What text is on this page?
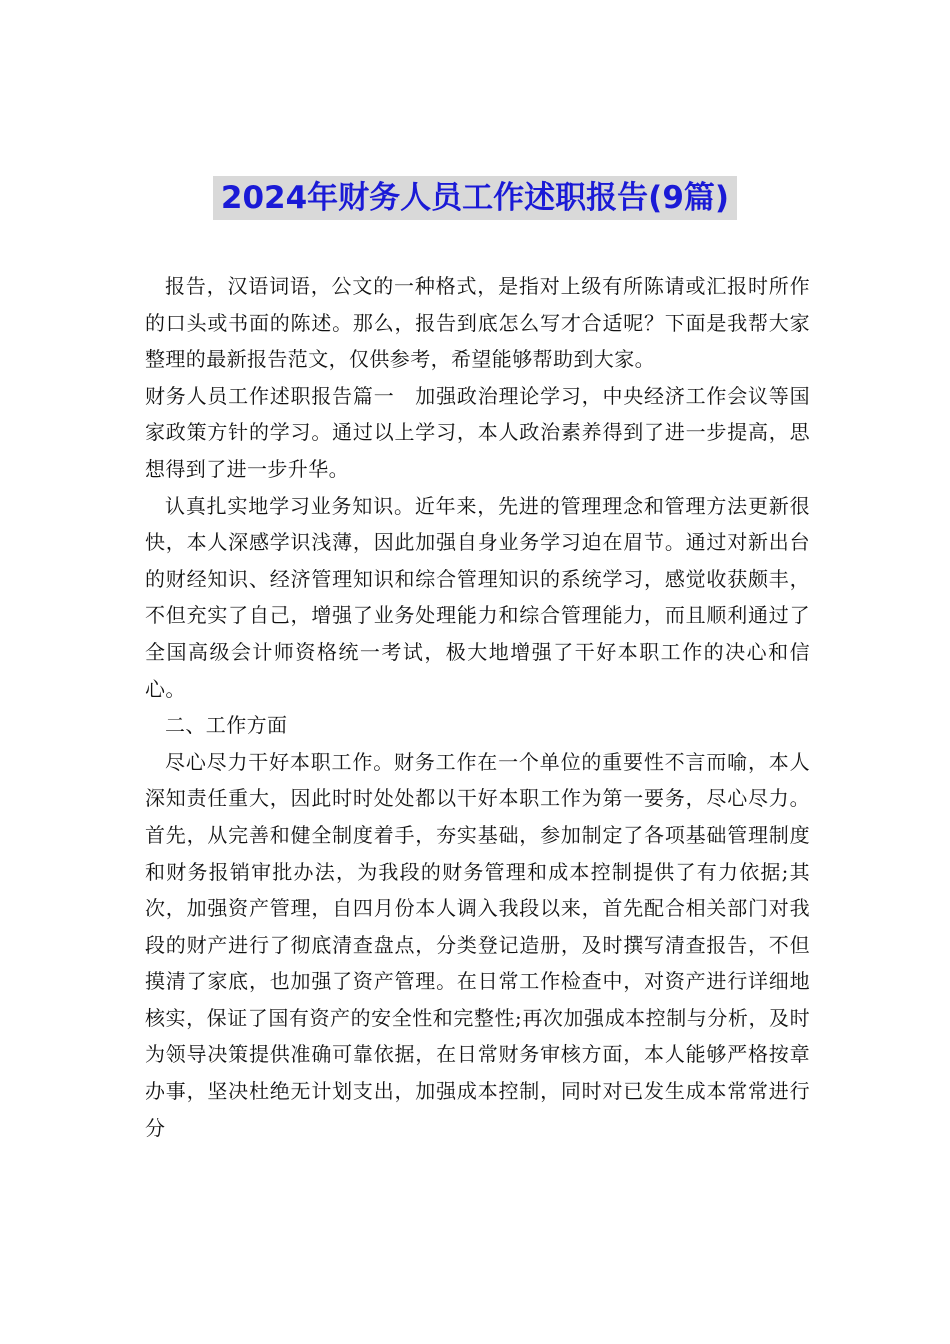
2024年财务人员工作述职报告(9篇)

报告，汉语词语，公文的一种格式，是指对上级有所陈请或汇报时所作的口头或书面的陈述。那么，报告到底怎么写才合适呢？下面是我帮大家整理的最新报告范文，仅供参考，希望能够帮助到大家。

财务人员工作述职报告篇一　加强政治理论学习，中央经济工作会议等国家政策方针的学习。通过以上学习，本人政治素养得到了进一步提高，思想得到了进一步升华。

认真扎实地学习业务知识。近年来，先进的管理理念和管理方法更新很快，本人深感学识浅薄，因此加强自身业务学习迫在眉节。通过对新出台的财经知识、经济管理知识和综合管理知识的系统学习，感觉收获颇丰，不但充实了自己，增强了业务处理能力和综合管理能力，而且顺利通过了全国高级会计师资格统一考试，极大地增强了干好本职工作的决心和信心。

二、工作方面

尽心尽力干好本职工作。财务工作在一个单位的重要性不言而喻，本人深知责任重大，因此时时处处都以干好本职工作为第一要务，尽心尽力。首先，从完善和健全制度着手，夯实基础，参加制定了各项基础管理制度和财务报销审批办法，为我段的财务管理和成本控制提供了有力依据;其次，加强资产管理，自四月份本人调入我段以来，首先配合相关部门对我段的财产进行了彻底清查盘点，分类登记造册，及时撰写清查报告，不但摸清了家底，也加强了资产管理。在日常工作检查中，对资产进行详细地核实，保证了国有资产的安全性和完整性;再次加强成本控制与分析，及时为领导决策提供准确可靠依据，在日常财务审核方面，本人能够严格按章办事，坚决杜绝无计划支出，加强成本控制，同时对已发生成本常常进行分
